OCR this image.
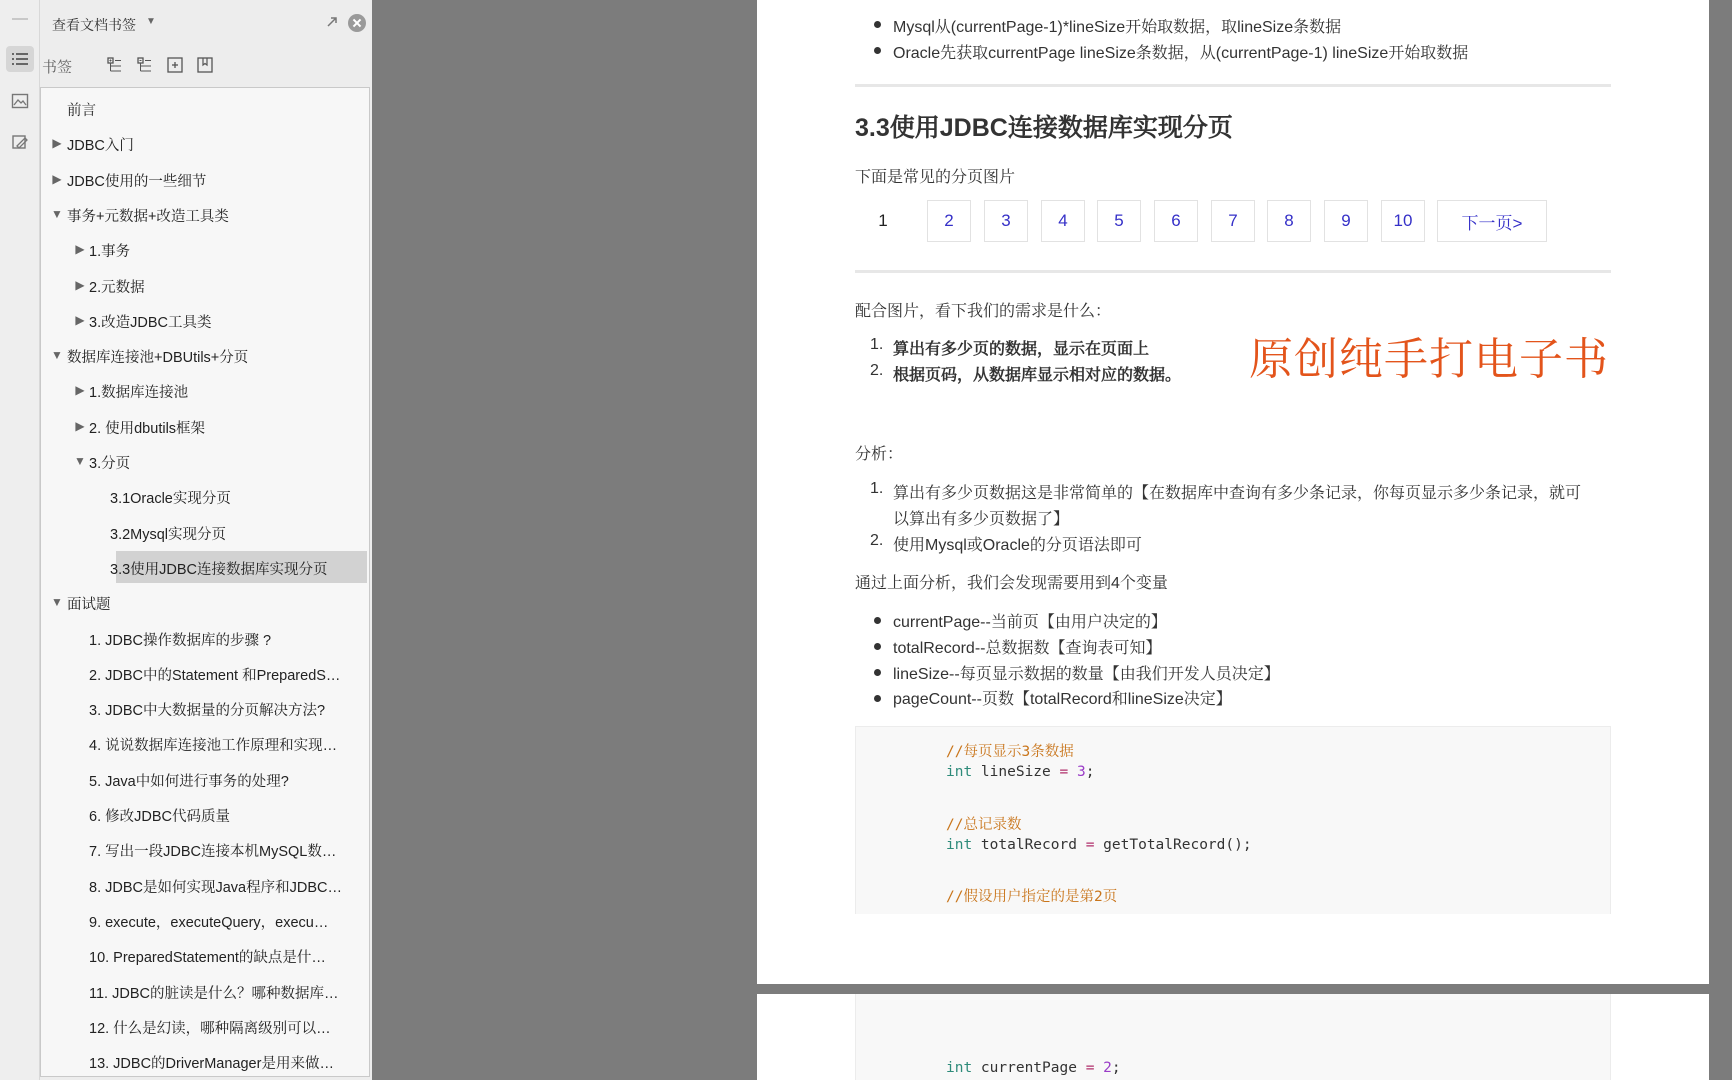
查看文档书签 ▼
书签
前言
▶ JDBC入门
▶ JDBC使用的一些细节
▼ 事务+元数据+改造工具类
▶ 1.事务
▶ 2.元数据
▶ 3.改造JDBC工具类
▼ 数据库连接池+DBUtils+分页
▶ 1.数据库连接池
▶ 2. 使用dbutils框架
▼ 3.分页
3.1Oracle实现分页
3.2Mysql实现分页
3.3使用JDBC连接数据库实现分页
▼ 面试题
1. JDBC操作数据库的步骤 ?
2. JDBC中的Statement 和PreparedS…
3. JDBC中大数据量的分页解决方法?
4. 说说数据库连接池工作原理和实现…
5. Java中如何进行事务的处理?
6. 修改JDBC代码质量
7. 写出一段JDBC连接本机MySQL数…
8. JDBC是如何实现Java程序和JDBC…
9. execute，executeQuery，execu…
10. PreparedStatement的缺点是什…
11. JDBC的脏读是什么？哪种数据库…
12. 什么是幻读，哪种隔离级别可以…
13. JDBC的DriverManager是用来做…
Mysql从(currentPage-1)*lineSize开始取数据，取lineSize条数据
Oracle先获取currentPage lineSize条数据，从(currentPage-1) lineSize开始取数据
3.3使用JDBC连接数据库实现分页
下面是常见的分页图片
1	2	3	4	5	6	7	8	9	10	下一页>
配合图片，看下我们的需求是什么：
1. 算出有多少页的数据，显示在页面上
2. 根据页码，从数据库显示相对应的数据。 原创纯手打电子书
分析：
1. 算出有多少页数据这是非常简单的【在数据库中查询有多少条记录，你每页显示多少条记录，就可
以算出有多少页数据了】
2. 使用Mysql或Oracle的分页语法即可
通过上面分析，我们会发现需要用到4个变量
currentPage--当前页【由用户决定的】
totalRecord--总数据数【查询表可知】
lineSize--每页显示数据的数量【由我们开发人员决定】
pageCount--页数【totalRecord和lineSize决定】
//每页显示3条数据
int lineSize = 3;
//总记录数
int totalRecord = getTotalRecord();
//假设用户指定的是第2页
int currentPage = 2;
